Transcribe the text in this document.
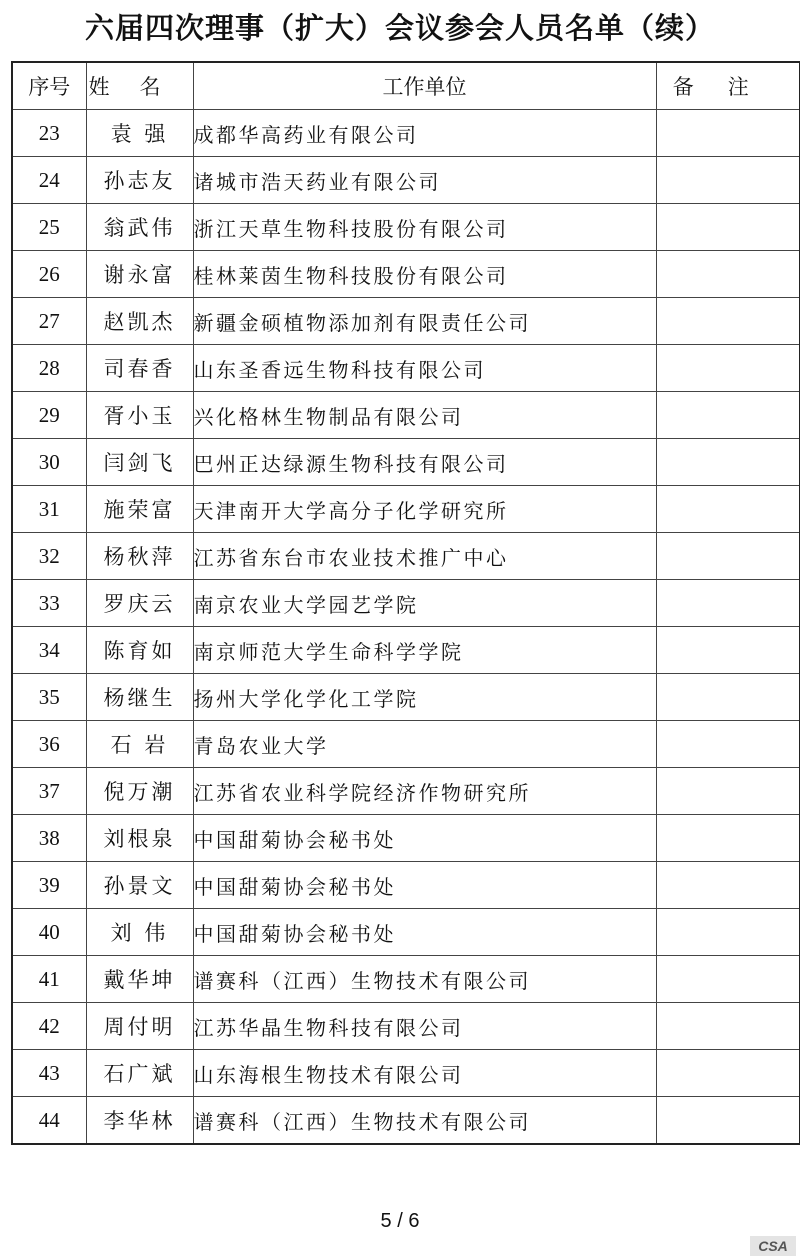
六届四次理事（扩大）会议参会人员名单（续）
序号	姓名	工作单位	备注
23	袁 强	成都华高药业有限公司	
24	孙志友	诸城市浩天药业有限公司	
25	翁武伟	浙江天草生物科技股份有限公司	
26	谢永富	桂林莱茵生物科技股份有限公司	
27	赵凯杰	新疆金硕植物添加剂有限责任公司	
28	司春香	山东圣香远生物科技有限公司	
29	胥小玉	兴化格林生物制品有限公司	
30	闫剑飞	巴州正达绿源生物科技有限公司	
31	施荣富	天津南开大学高分子化学研究所	
32	杨秋萍	江苏省东台市农业技术推广中心	
33	罗庆云	南京农业大学园艺学院	
34	陈育如	南京师范大学生命科学学院	
35	杨继生	扬州大学化学化工学院	
36	石 岩	青岛农业大学	
37	倪万潮	江苏省农业科学院经济作物研究所	
38	刘根泉	中国甜菊协会秘书处	
39	孙景文	中国甜菊协会秘书处	
40	刘 伟	中国甜菊协会秘书处	
41	戴华坤	谱赛科（江西）生物技术有限公司	
42	周付明	江苏华晶生物科技有限公司	
43	石广斌	山东海根生物技术有限公司	
44	李华林	谱赛科（江西）生物技术有限公司	
5 / 6
CSA
